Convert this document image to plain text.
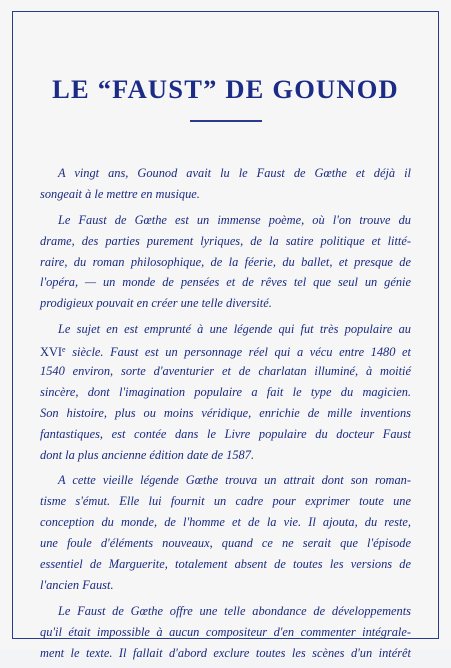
LE “FAUST” DE GOUNOD
A vingt ans, Gounod avait lu le Faust de Gœthe et déjà il
songeait à le mettre en musique.
Le Faust de Gœthe est un immense poème, où l'on trouve du
drame, des parties purement lyriques, de la satire politique et litté-
raire, du roman philosophique, de la féerie, du ballet, et presque de
l'opéra, — un monde de pensées et de rêves tel que seul un génie
prodigieux pouvait en créer une telle diversité.
Le sujet en est emprunté à une légende qui fut très populaire au
XVIe siècle. Faust est un personnage réel qui a vécu entre 1480 et
1540 environ, sorte d'aventurier et de charlatan illuminé, à moitié
sincère, dont l'imagination populaire a fait le type du magicien.
Son histoire, plus ou moins véridique, enrichie de mille inventions
fantastiques, est contée dans le Livre populaire du docteur Faust
dont la plus ancienne édition date de 1587.
A cette vieille légende Gœthe trouva un attrait dont son roman-
tisme s'émut. Elle lui fournit un cadre pour exprimer toute une
conception du monde, de l'homme et de la vie. Il ajouta, du reste,
une foule d'éléments nouveaux, quand ce ne serait que l'épisode
essentiel de Marguerite, totalement absent de toutes les versions de
l'ancien Faust.
Le Faust de Gœthe offre une telle abondance de développements
qu'il était impossible à aucun compositeur d'en commenter intégrale-
ment le texte. Il fallait d'abord exclure toutes les scènes d'un intérêt
